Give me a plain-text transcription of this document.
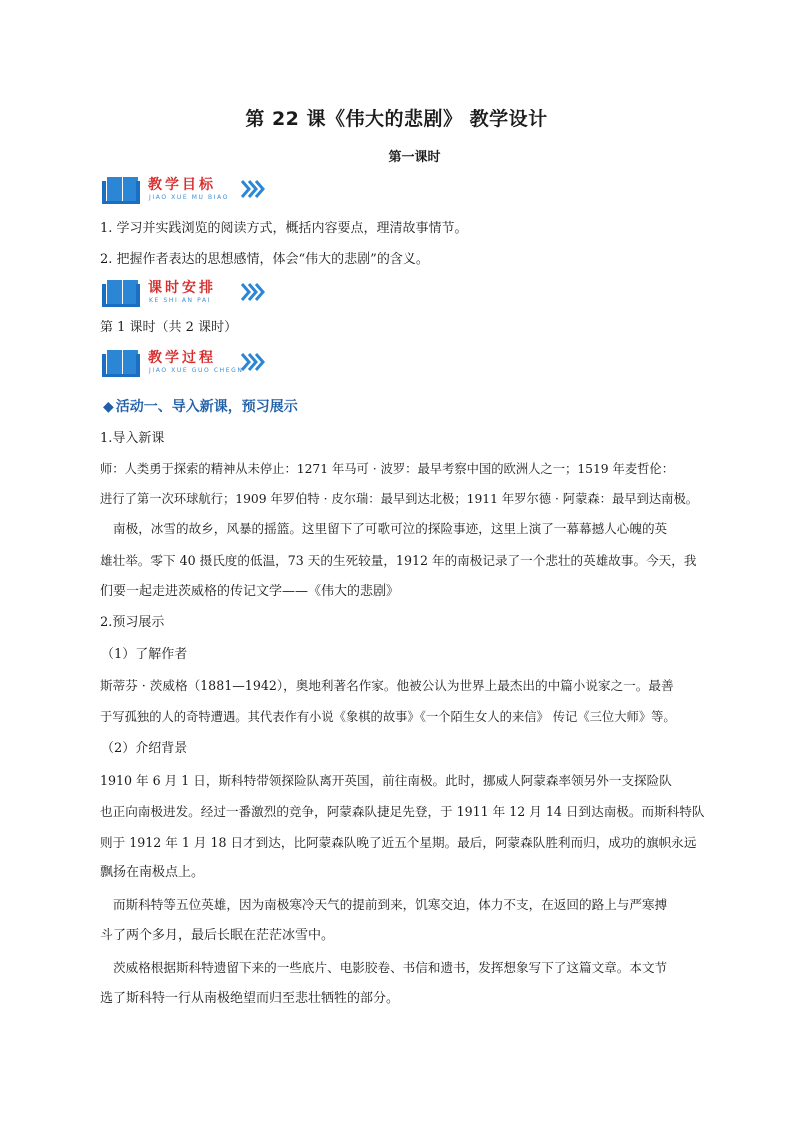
第 22 课《伟大的悲剧》 教学设计
第一课时
教学目标
JIAO XUE MU BIAO
1. 学习并实践浏览的阅读方式，概括内容要点，理清故事情节。
2. 把握作者表达的思想感情，体会“伟大的悲剧”的含义。
课时安排
KE SHI AN PAI
第 1 课时（共 2 课时）
教学过程
JIAO XUE GUO CHEGN
◆ 活动一、导入新课，预习展示
1.导入新课
师：人类勇于探索的精神从未停止：1271 年马可 · 波罗：最早考察中国的欧洲人之一；1519 年麦哲伦：
进行了第一次环球航行；1909 年罗伯特 · 皮尔瑞：最早到达北极；1911 年罗尔德 · 阿蒙森：最早到达南极。
南极，冰雪的故乡，风暴的摇篮。这里留下了可歌可泣的探险事迹，这里上演了一幕幕撼人心魄的英
雄壮举。零下 40 摄氏度的低温，73 天的生死较量，1912 年的南极记录了一个悲壮的英雄故事。今天，我
们要一起走进茨威格的传记文学——《伟大的悲剧》
2.预习展示
（1）了解作者
斯蒂芬 · 茨威格（1881—1942），奥地利著名作家。他被公认为世界上最杰出的中篇小说家之一。最善
于写孤独的人的奇特遭遇。其代表作有小说《象棋的故事》《一个陌生女人的来信》 传记《三位大师》等。
（2）介绍背景
1910 年 6 月 1 日，斯科特带领探险队离开英国，前往南极。此时，挪威人阿蒙森率领另外一支探险队
也正向南极进发。经过一番激烈的竞争，阿蒙森队捷足先登，于 1911 年 12 月 14 日到达南极。而斯科特队
则于 1912 年 1 月 18 日才到达，比阿蒙森队晚了近五个星期。最后，阿蒙森队胜利而归，成功的旗帜永远
飘扬在南极点上。
而斯科特等五位英雄，因为南极寒冷天气的提前到来，饥寒交迫，体力不支，在返回的路上与严寒搏
斗了两个多月，最后长眠在茫茫冰雪中。
茨威格根据斯科特遗留下来的一些底片、电影胶卷、书信和遗书，发挥想象写下了这篇文章。本文节
选了斯科特一行从南极绝望而归至悲壮牺牲的部分。
